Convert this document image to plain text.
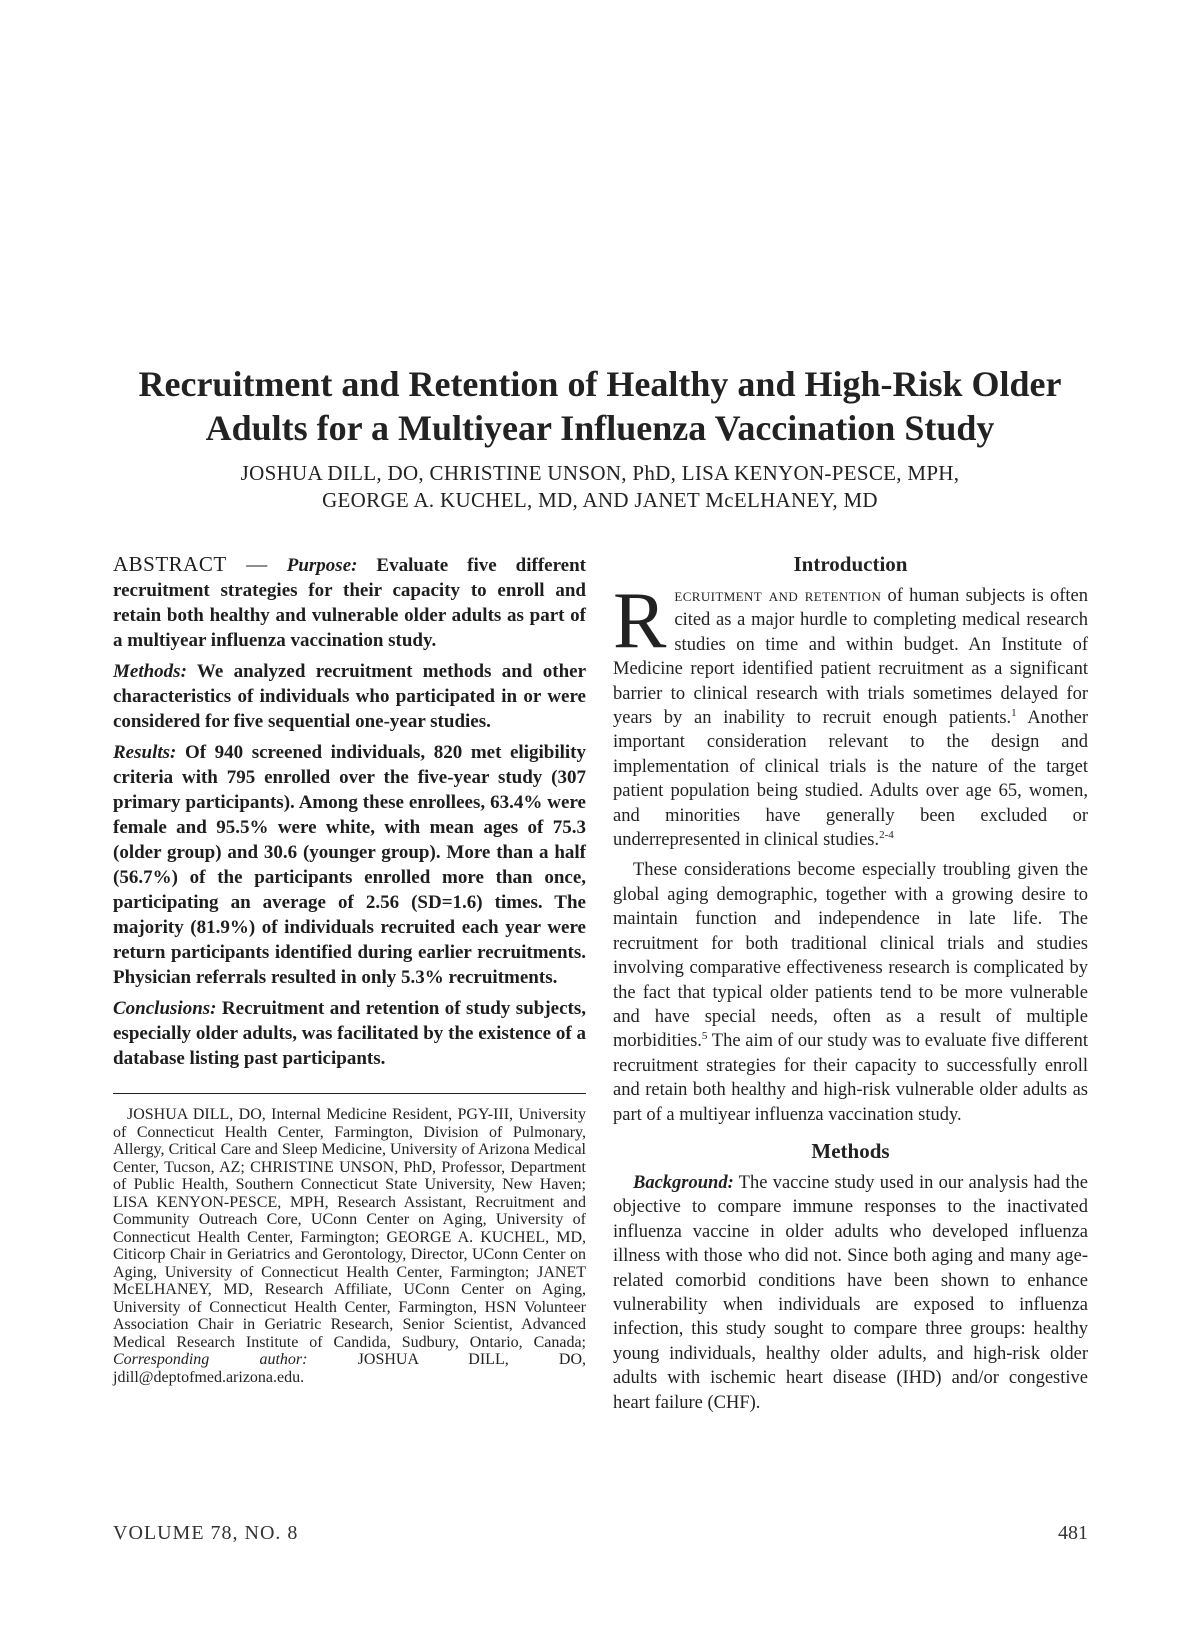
Recruitment and Retention of Healthy and High-Risk Older
Adults for a Multiyear Influenza Vaccination Study
JOSHUA DILL, DO, CHRISTINE UNSON, PhD, LISA KENYON-PESCE, MPH,
GEORGE A. KUCHEL, MD, AND JANET McELHANEY, MD

ABSTRACT — Purpose: Evaluate five different recruitment strategies for their capacity to enroll and retain both healthy and vulnerable older adults as part of a multiyear influenza vaccination study.

Methods: We analyzed recruitment methods and other characteristics of individuals who participated in or were considered for five sequential one-year studies.

Results: Of 940 screened individuals, 820 met eligibility criteria with 795 enrolled over the five-year study (307 primary participants). Among these enrollees, 63.4% were female and 95.5% were white, with mean ages of 75.3 (older group) and 30.6 (younger group). More than a half (56.7%) of the participants enrolled more than once, participating an average of 2.56 (SD=1.6) times. The majority (81.9%) of individuals recruited each year were return participants identified during earlier recruitments. Physician referrals resulted in only 5.3% recruitments.

Conclusions: Recruitment and retention of study subjects, especially older adults, was facilitated by the existence of a database listing past participants.

JOSHUA DILL, DO, Internal Medicine Resident, PGY-III, University of Connecticut Health Center, Farmington, Division of Pulmonary, Allergy, Critical Care and Sleep Medicine, University of Arizona Medical Center, Tucson, AZ; CHRISTINE UNSON, PhD, Professor, Department of Public Health, Southern Connecticut State University, New Haven; LISA KENYON-PESCE, MPH, Research Assistant, Recruitment and Community Outreach Core, UConn Center on Aging, University of Connecticut Health Center, Farmington; GEORGE A. KUCHEL, MD, Citicorp Chair in Geriatrics and Gerontology, Director, UConn Center on Aging, University of Connecticut Health Center, Farmington; JANET McELHANEY, MD, Research Affiliate, UConn Center on Aging, University of Connecticut Health Center, Farmington, HSN Volunteer Association Chair in Geriatric Research, Senior Scientist, Advanced Medical Research Institute of Candida, Sudbury, Ontario, Canada; Corresponding author: JOSHUA DILL, DO, jdill@deptofmed.arizona.edu.

Introduction

Recruitment and retention of human subjects is often cited as a major hurdle to completing medical research studies on time and within budget. An Institute of Medicine report identified patient recruitment as a significant barrier to clinical research with trials sometimes delayed for years by an inability to recruit enough patients.$^1$ Another important consideration relevant to the design and implementation of clinical trials is the nature of the target patient population being studied. Adults over age 65, women, and minorities have generally been excluded or underrepresented in clinical studies.$^{2-4}$

These considerations become especially troubling given the global aging demographic, together with a growing desire to maintain function and independence in late life. The recruitment for both traditional clinical trials and studies involving comparative effectiveness research is complicated by the fact that typical older patients tend to be more vulnerable and have special needs, often as a result of multiple morbidities.$^5$ The aim of our study was to evaluate five different recruitment strategies for their capacity to successfully enroll and retain both healthy and high-risk vulnerable older adults as part of a multiyear influenza vaccination study.

Methods

Background: The vaccine study used in our analysis had the objective to compare immune responses to the inactivated influenza vaccine in older adults who developed influenza illness with those who did not. Since both aging and many age-related comorbid conditions have been shown to enhance vulnerability when individuals are exposed to influenza infection, this study sought to compare three groups: healthy young individuals, healthy older adults, and high-risk older adults with ischemic heart disease (IHD) and/or congestive heart failure (CHF).

VOLUME 78, NO. 8	481
